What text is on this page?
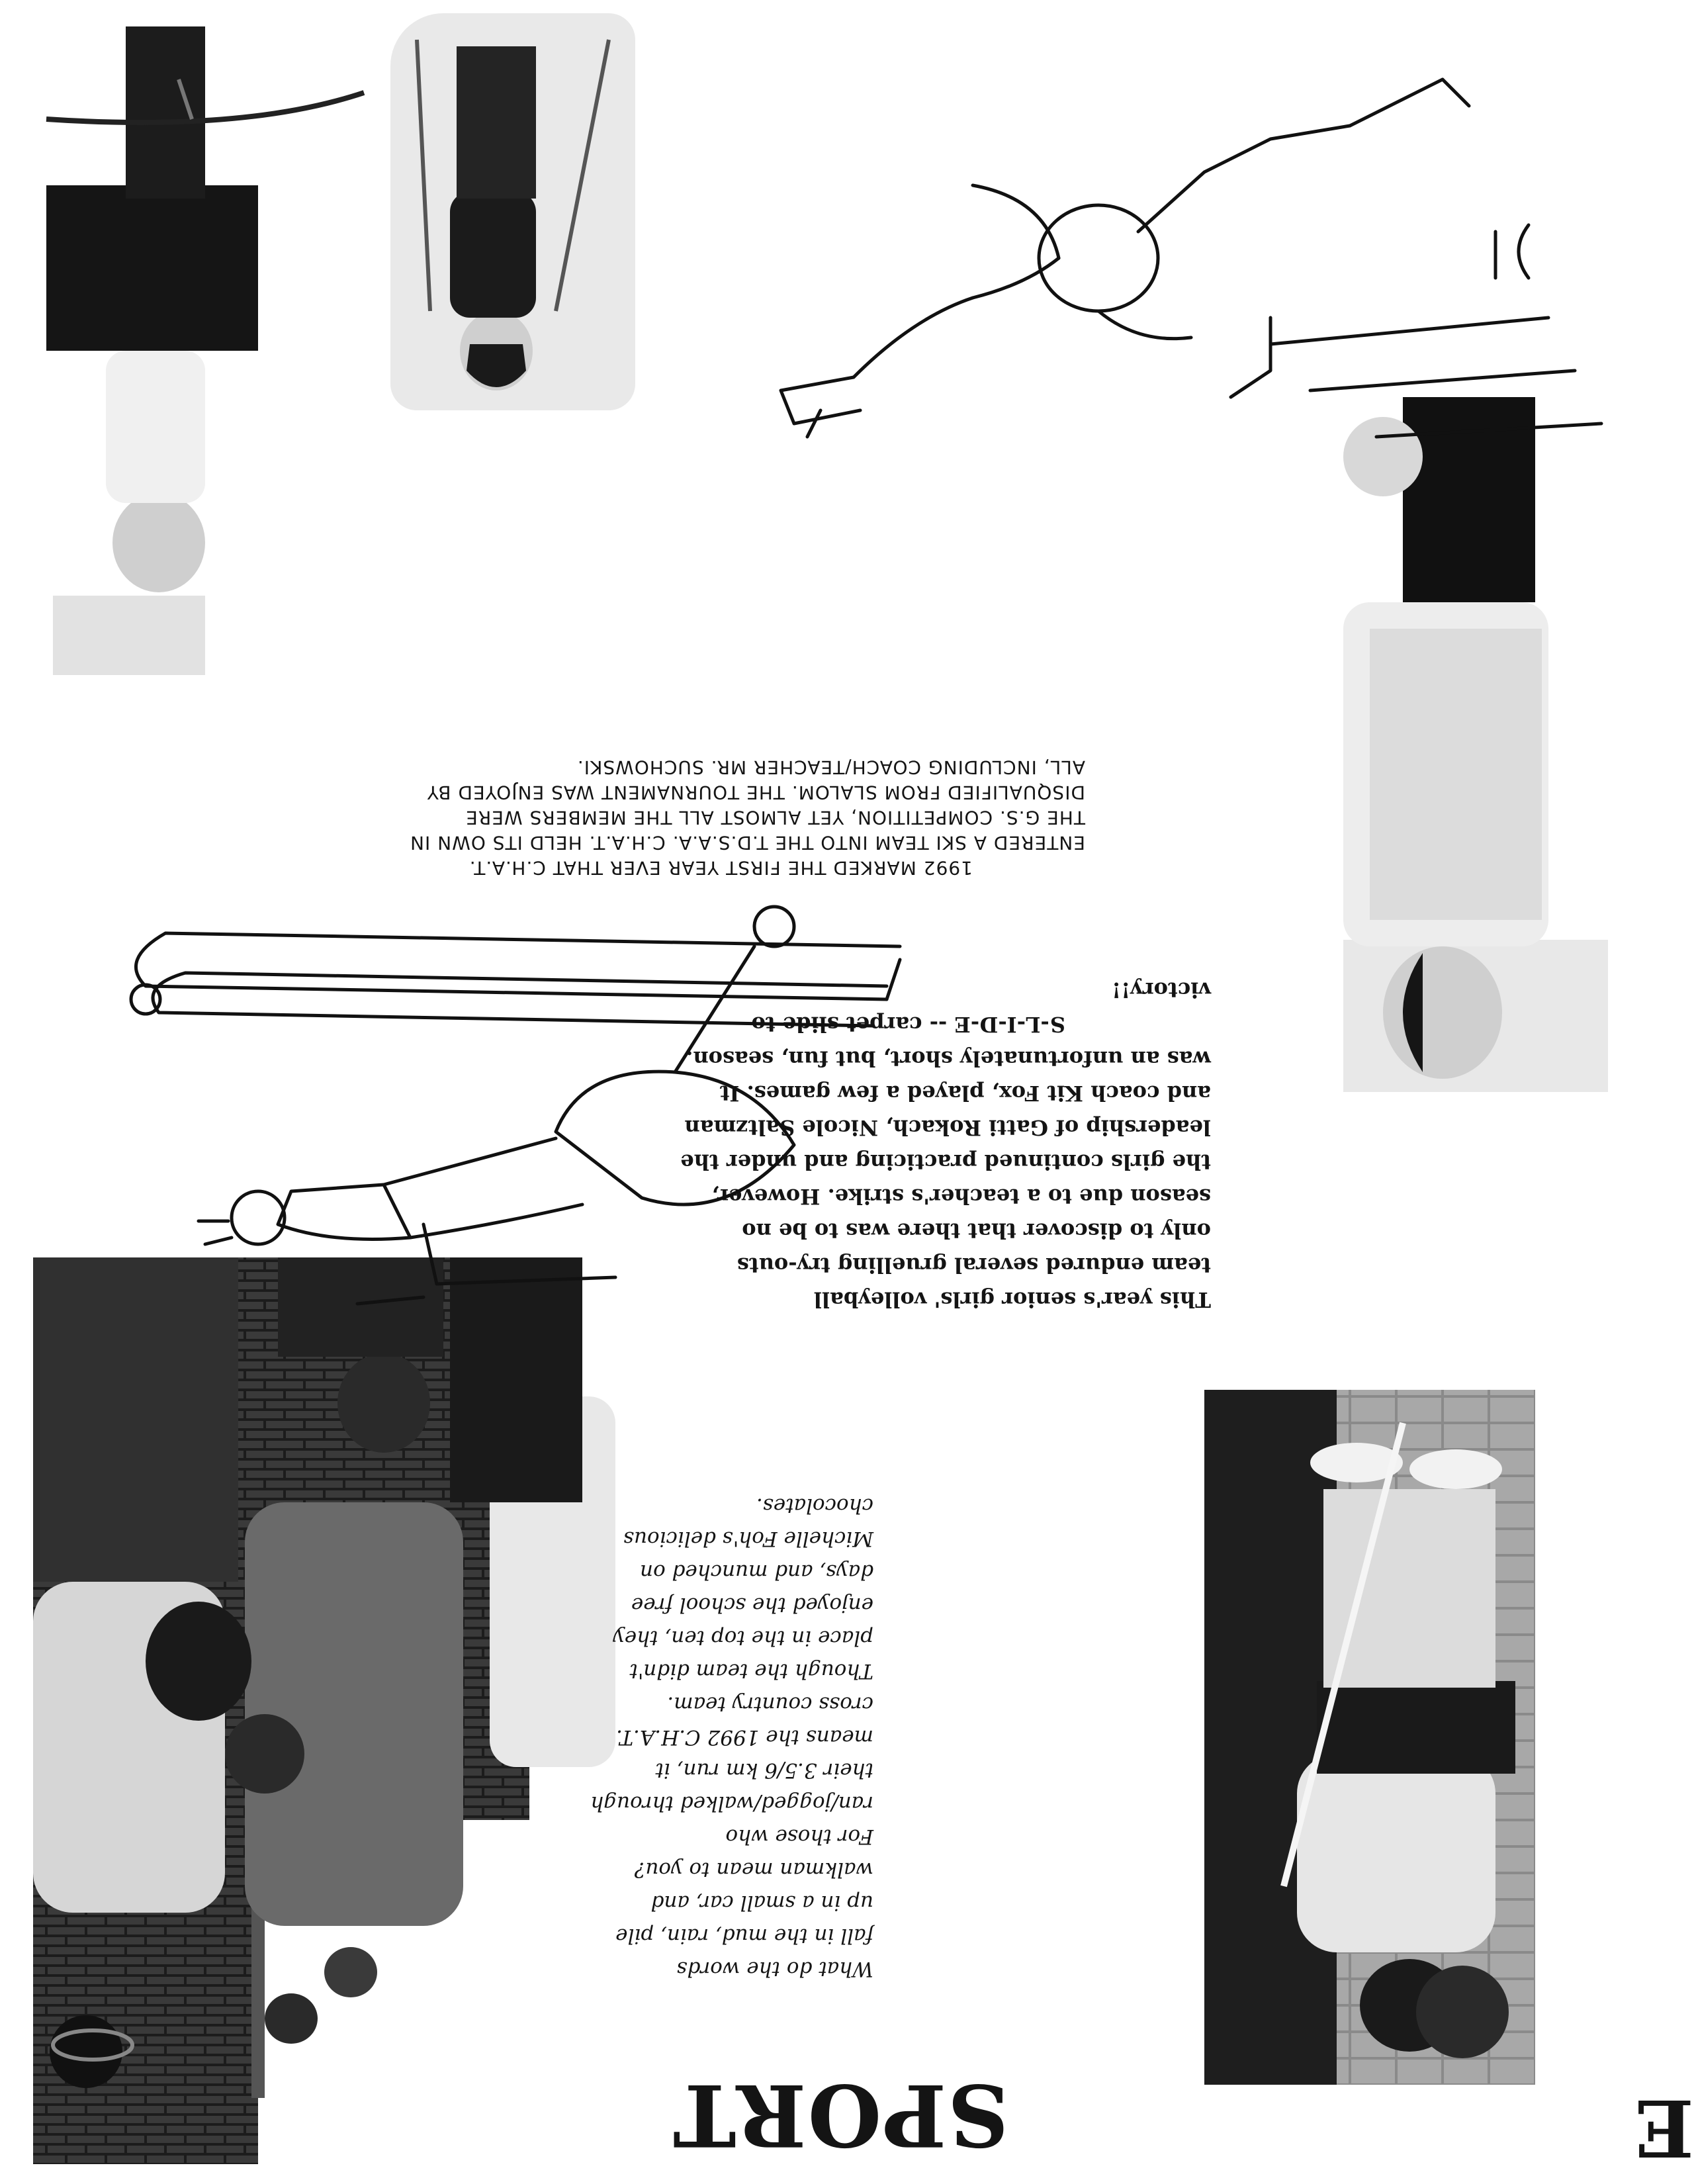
E
SPORT
What do the words
fall in the mud, rain, pile
up in a small car, and
walkman mean to you?
For those who
ran/jogged/walked through
their 3.5/6 km run, it
means the 1992 C.H.A.T.
cross country team.
Though the team didn't
place in the top ten, they
enjoyed the school free
days, and munched on
Michelle Foh's delicious
chocolates.
This year's senior girls' volleyball
team endured several gruelling try-outs
only to discover that there was to be no
season due to a teacher's strike. However,
the girls continued practicing and under the
leadership of Gatti Rokach, Nicole Saltzman
and coach Kit Fox, played a few games. It
was an unfortunately short, but fun, season.
S-L-I-D-E -- carpet slide to
victory!!
1992 MARKED THE FIRST YEAR EVER THAT C.H.A.T.
ENTERED A SKI TEAM INTO THE T.D.S.A.A. C.H.A.T. HELD ITS OWN IN
THE G.S. COMPETITION, YET ALMOST ALL THE MEMBERS WERE
DISQUALIFIED FROM SLALOM. THE TOURNAMENT WAS ENJOYED BY
ALL, INCLUDING COACH/TEACHER MR. SUCHOWSKI.
